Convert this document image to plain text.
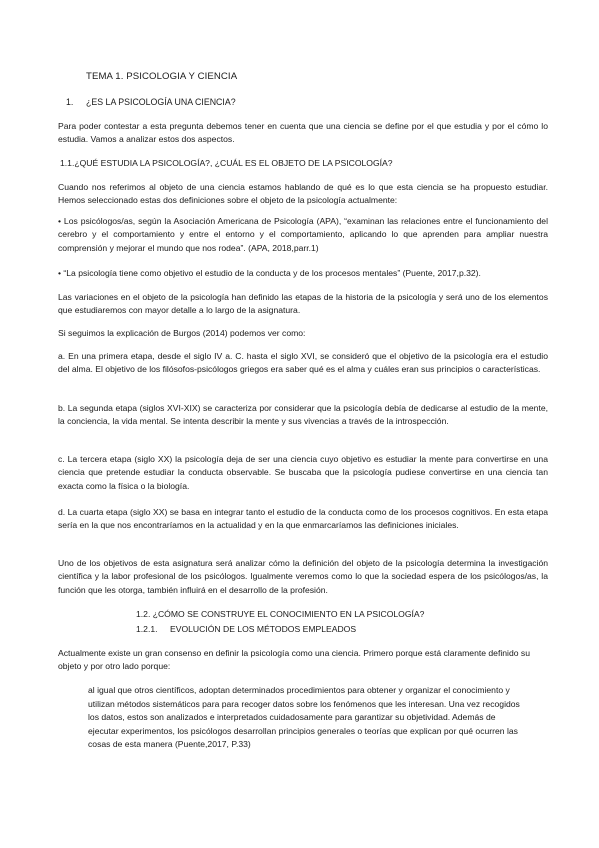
TEMA 1. PSICOLOGIA Y CIENCIA
1. ¿ES LA PSICOLOGÍA UNA CIENCIA?

Para poder contestar a esta pregunta debemos tener en cuenta que una ciencia se define por el que estudia y por el cómo lo estudia. Vamos a analizar estos dos aspectos.

1.1.¿QUÉ ESTUDIA LA PSICOLOGÍA?, ¿CUÁL ES EL OBJETO DE LA PSICOLOGÍA?

Cuando nos referimos al objeto de una ciencia estamos hablando de qué es lo que esta ciencia se ha propuesto estudiar. Hemos seleccionado estas dos definiciones sobre el objeto de la psicología actualmente:

• Los psicólogos/as, según la Asociación Americana de Psicología (APA), “examinan las relaciones entre el funcionamiento del cerebro y el comportamiento y entre el entorno y el comportamiento, aplicando lo que aprenden para ampliar nuestra comprensión y mejorar el mundo que nos rodea”. (APA, 2018,parr.1)

• “La psicología tiene como objetivo el estudio de la conducta y de los procesos mentales” (Puente, 2017,p.32).

Las variaciones en el objeto de la psicología han definido las etapas de la historia de la psicología y será uno de los elementos que estudiaremos con mayor detalle a lo largo de la asignatura.

Si seguimos la explicación de Burgos (2014) podemos ver como:

a. En una primera etapa, desde el siglo IV a. C. hasta el siglo XVI, se consideró que el objetivo de la psicología era el estudio del alma. El objetivo de los filósofos-psicólogos griegos era saber qué es el alma y cuáles eran sus principios o características.

b. La segunda etapa (siglos XVI-XIX) se caracteriza por considerar que la psicología debía de dedicarse al estudio de la mente, la conciencia, la vida mental. Se intenta describir la mente y sus vivencias a través de la introspección.

c. La tercera etapa (siglo XX) la psicología deja de ser una ciencia cuyo objetivo es estudiar la mente para convertirse en una ciencia que pretende estudiar la conducta observable. Se buscaba que la psicología pudiese convertirse en una ciencia tan exacta como la física o la biología.

d. La cuarta etapa (siglo XX) se basa en integrar tanto el estudio de la conducta como de los procesos cognitivos. En esta etapa sería en la que nos encontraríamos en la actualidad y en la que enmarcaríamos las definiciones iniciales.

Uno de los objetivos de esta asignatura será analizar cómo la definición del objeto de la psicología determina la investigación científica y la labor profesional de los psicólogos. Igualmente veremos como lo que la sociedad espera de los psicólogos/as, la función que les otorga, también influirá en el desarrollo de la profesión.

1.2. ¿CÓMO SE CONSTRUYE EL CONOCIMIENTO EN LA PSICOLOGÍA?
1.2.1. EVOLUCIÓN DE LOS MÉTODOS EMPLEADOS

Actualmente existe un gran consenso en definir la psicología como una ciencia. Primero porque está claramente definido su objeto y por otro lado porque:

al igual que otros científicos, adoptan determinados procedimientos para obtener y organizar el conocimiento y utilizan métodos sistemáticos para para recoger datos sobre los fenómenos que les interesan. Una vez recogidos los datos, estos son analizados e interpretados cuidadosamente para garantizar su objetividad. Además de ejecutar experimentos, los psicólogos desarrollan principios generales o teorías que explican por qué ocurren las cosas de esta manera (Puente,2017, P.33)
